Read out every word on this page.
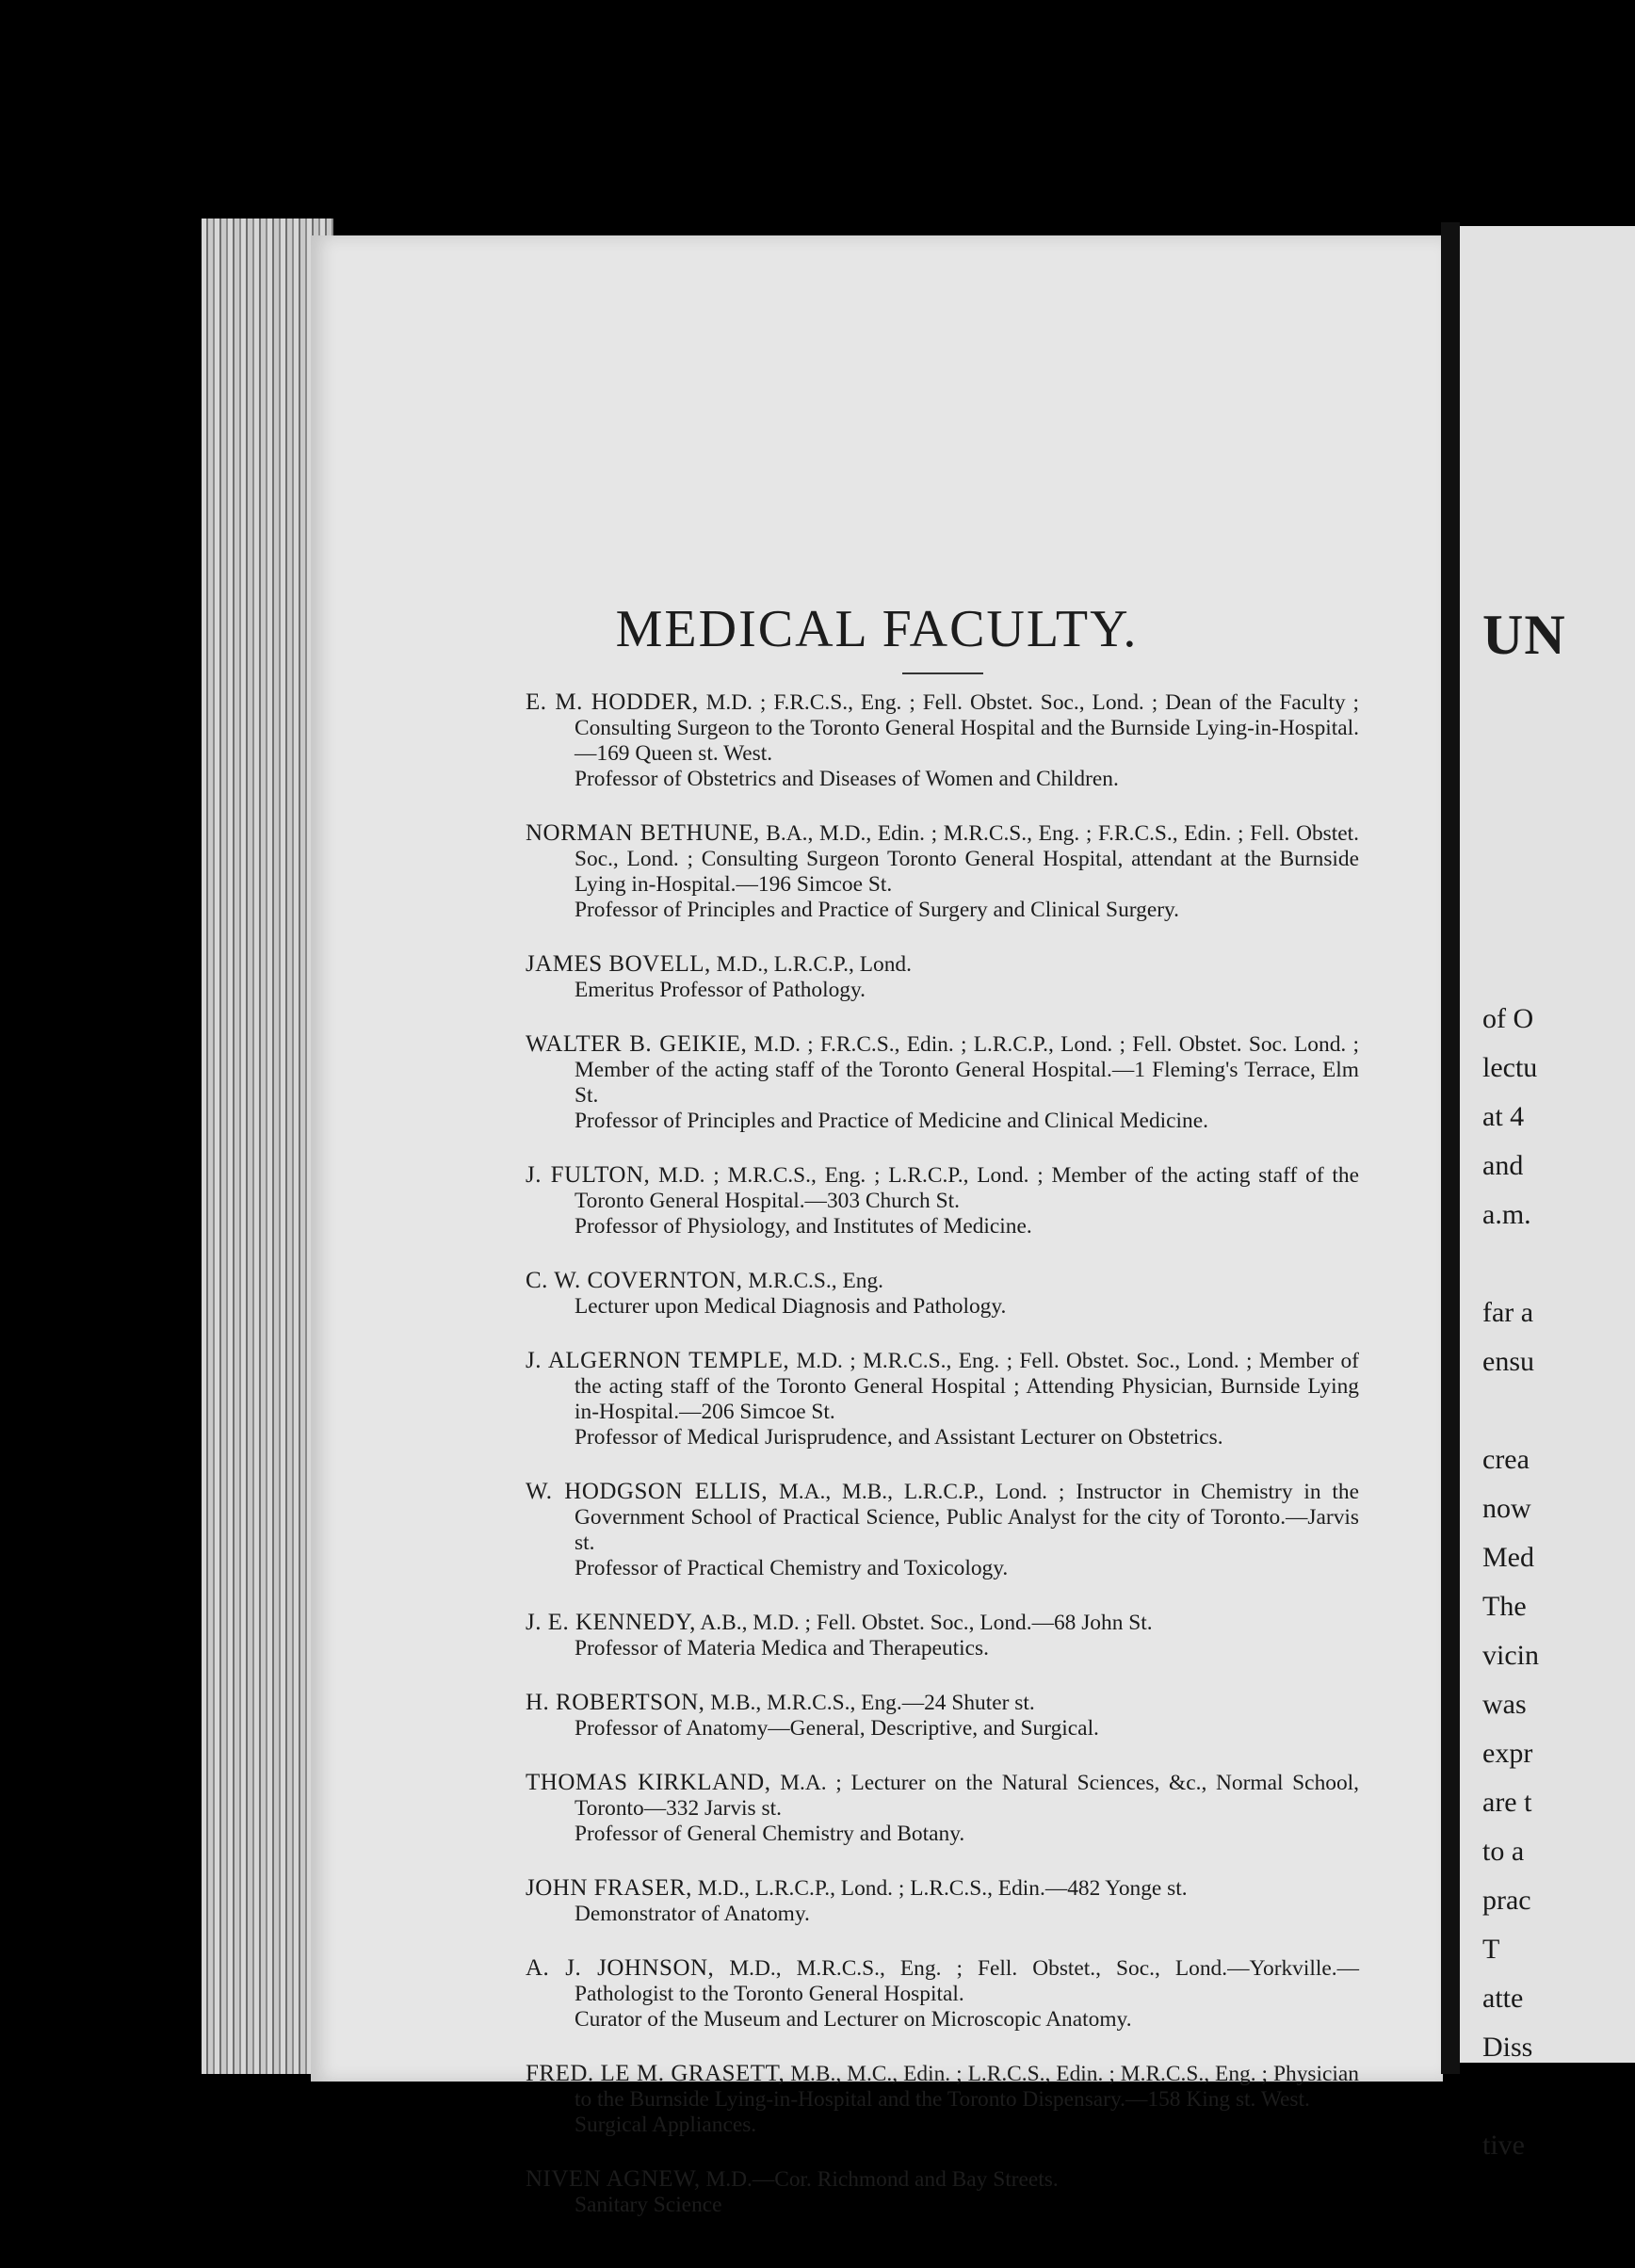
MEDICAL FACULTY.

E. M. HODDER, M.D. ; F.R.C.S., Eng. ; Fell. Obstet. Soc., Lond. ; Dean of the Faculty ; Consulting Surgeon to the Toronto General Hospital and the Burnside Lying-in-Hospital.—169 Queen st. West.

Professor of Obstetrics and Diseases of Women and Children.

NORMAN BETHUNE, B.A., M.D., Edin. ; M.R.C.S., Eng. ; F.R.C.S., Edin. ; Fell. Obstet. Soc., Lond. ; Consulting Surgeon Toronto General Hospital, attendant at the Burnside Lying in-Hospital.—196 Simcoe St.

Professor of Principles and Practice of Surgery and Clinical Surgery.

JAMES BOVELL, M.D., L.R.C.P., Lond.

Emeritus Professor of Pathology.

WALTER B. GEIKIE, M.D. ; F.R.C.S., Edin. ; L.R.C.P., Lond. ; Fell. Obstet. Soc. Lond. ; Member of the acting staff of the Toronto General Hospital.—1 Fleming's Terrace, Elm St.

Professor of Principles and Practice of Medicine and Clinical Medicine.

J. FULTON, M.D. ; M.R.C.S., Eng. ; L.R.C.P., Lond. ; Member of the acting staff of the Toronto General Hospital.—303 Church St.

Professor of Physiology, and Institutes of Medicine.

C. W. COVERNTON, M.R.C.S., Eng.

Lecturer upon Medical Diagnosis and Pathology.

J. ALGERNON TEMPLE, M.D. ; M.R.C.S., Eng. ; Fell. Obstet. Soc., Lond. ; Member of the acting staff of the Toronto General Hospital ; Attending Physician, Burnside Lying in-Hospital.—206 Simcoe St.

Professor of Medical Jurisprudence, and Assistant Lecturer on Obstetrics.

W. HODGSON ELLIS, M.A., M.B., L.R.C.P., Lond. ; Instructor in Chemistry in the Government School of Practical Science, Public Analyst for the city of Toronto.—Jarvis st.

Professor of Practical Chemistry and Toxicology.

J. E. KENNEDY, A.B., M.D. ; Fell. Obstet. Soc., Lond.—68 John St.

Professor of Materia Medica and Therapeutics.

H. ROBERTSON, M.B., M.R.C.S., Eng.—24 Shuter st.

Professor of Anatomy—General, Descriptive, and Surgical.

THOMAS KIRKLAND, M.A. ; Lecturer on the Natural Sciences, &c., Normal School, Toronto—332 Jarvis st.

Professor of General Chemistry and Botany.

JOHN FRASER, M.D., L.R.C.P., Lond. ; L.R.C.S., Edin.—482 Yonge st.

Demonstrator of Anatomy.

A. J. JOHNSON, M.D., M.R.C.S., Eng. ; Fell. Obstet., Soc., Lond.—Yorkville.—Pathologist to the Toronto General Hospital.

Curator of the Museum and Lecturer on Microscopic Anatomy.

FRED. LE M. GRASETT, M.B., M.C., Edin. ; L.R.C.S., Edin. ; M.R.C.S., Eng. ; Physician to the Burnside Lying-in-Hospital and the Toronto Dispensary.—158 King st. West.

Surgical Appliances.

NIVEN AGNEW, M.D.—Cor. Richmond and Bay Streets.

Sanitary Science
UN
of O
lectu
at 4
and
a.m.
far a
ensu
crea
now
Med
The
vicin
was
expr
are t
to a
prac
T
atte
Diss
tive
